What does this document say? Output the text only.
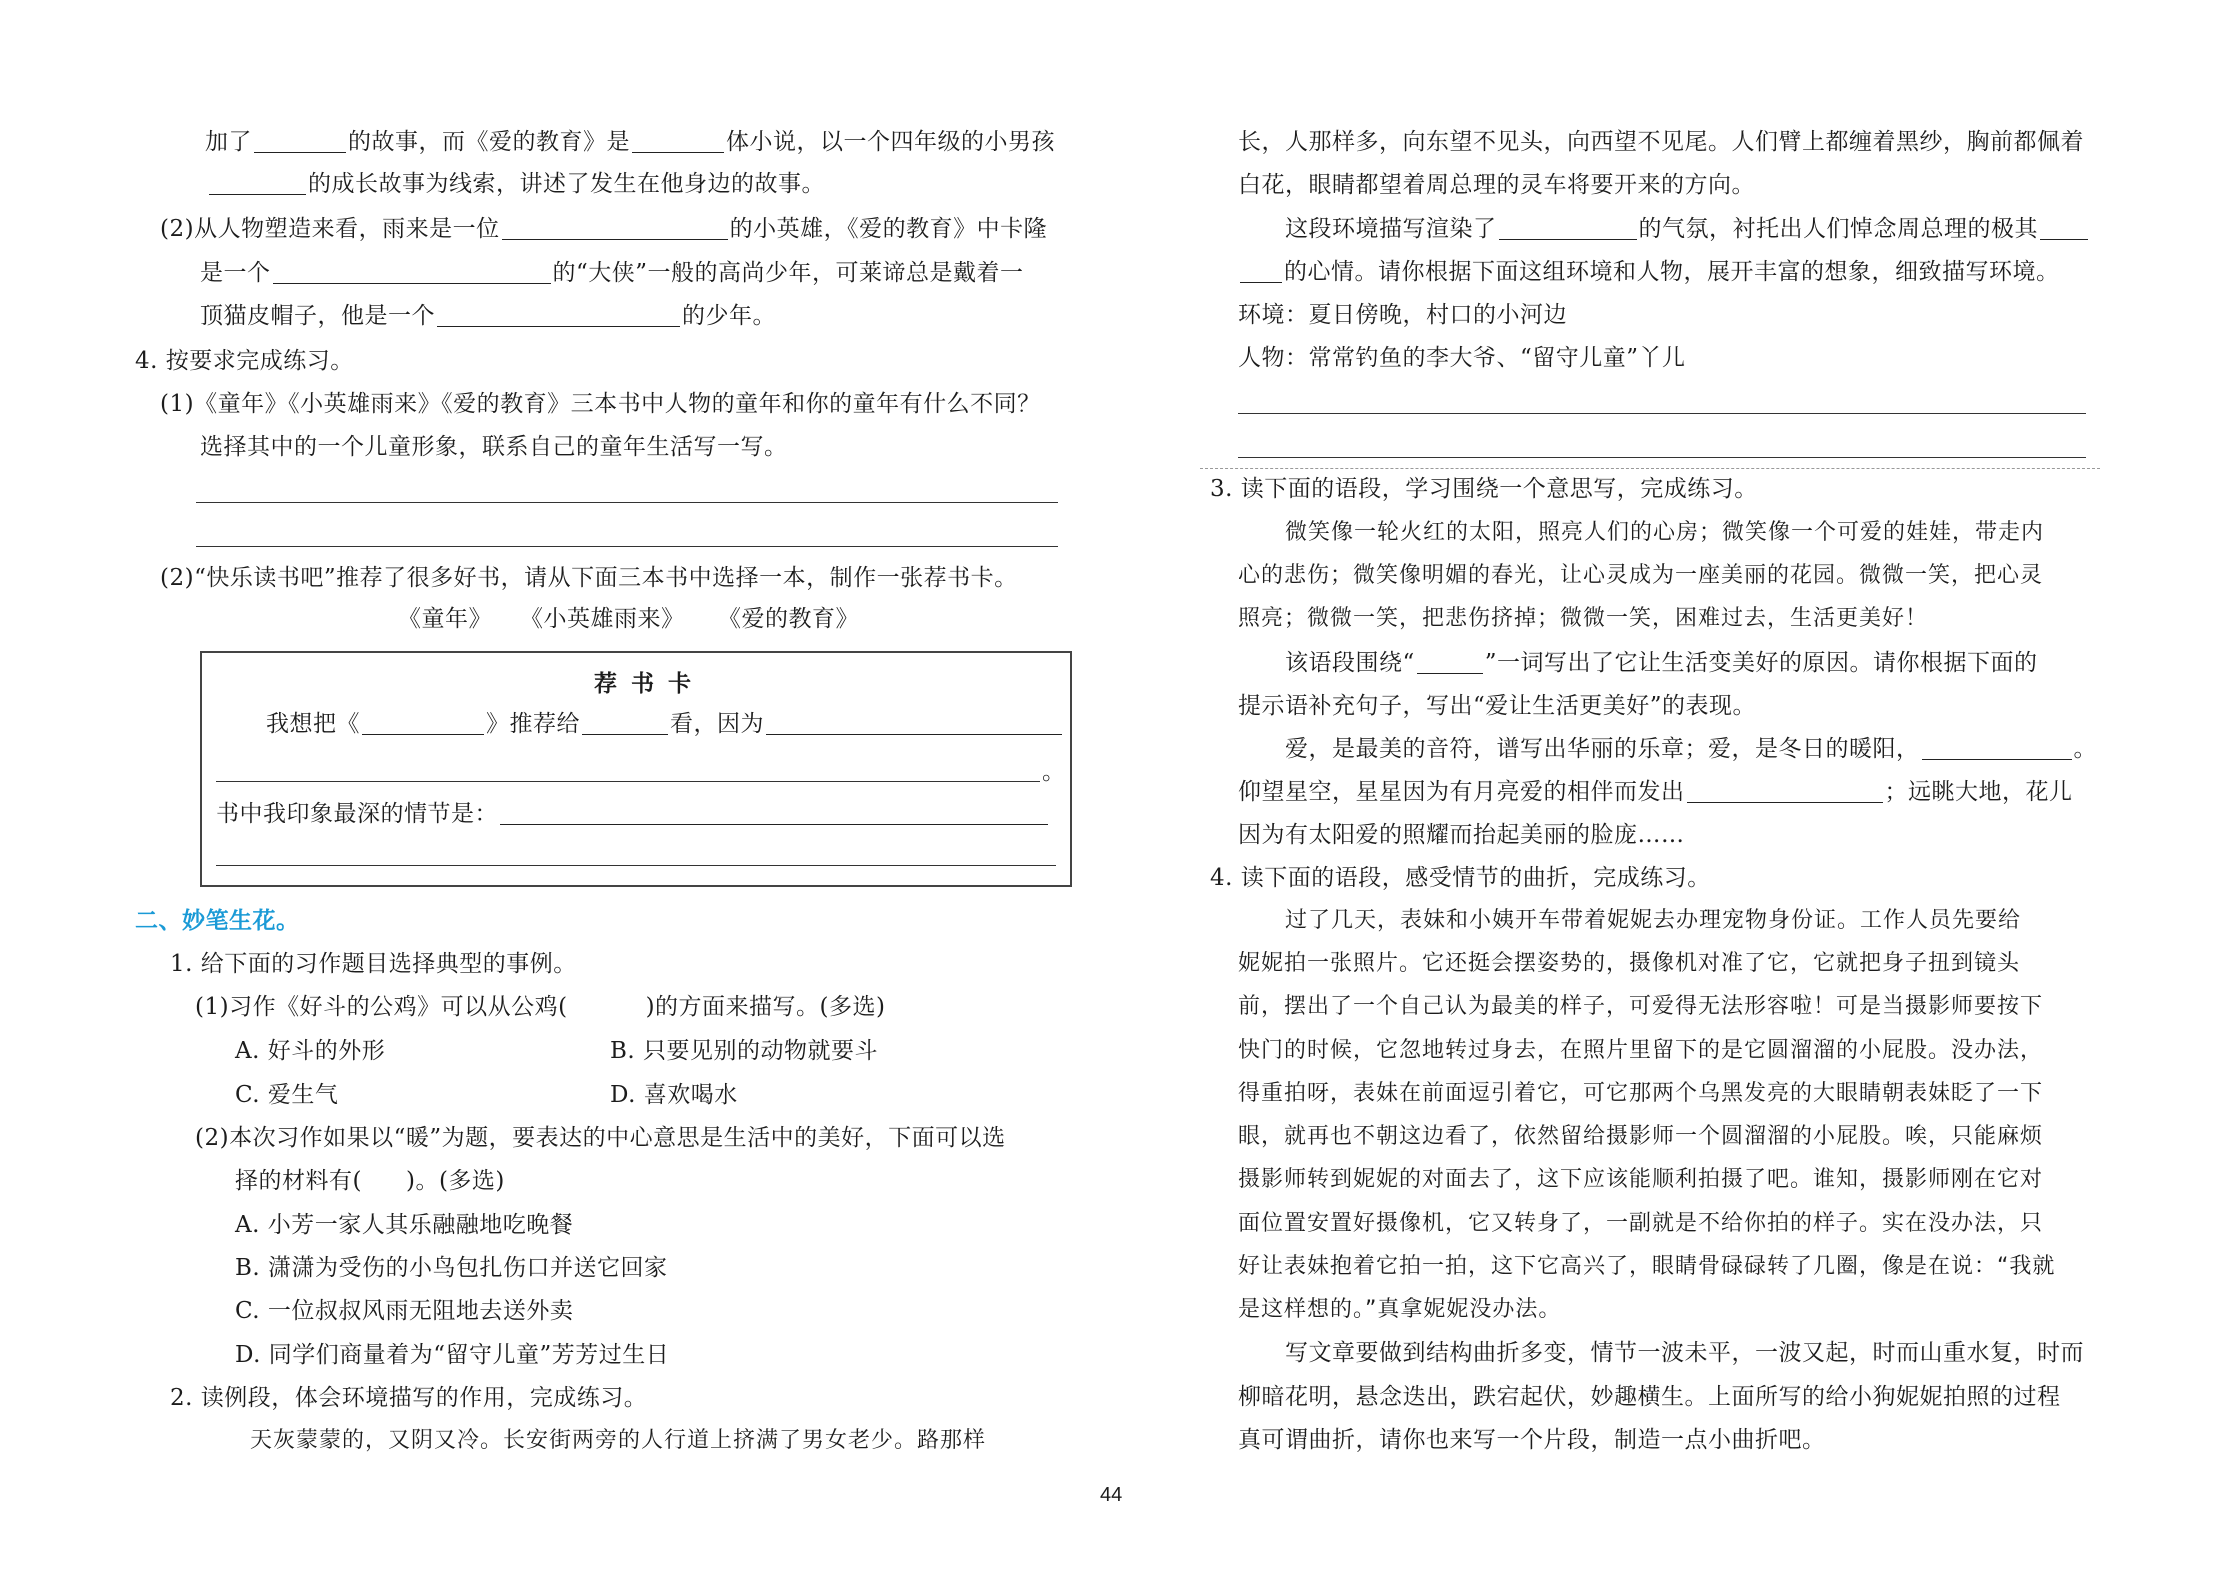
加了	的故事，而《爱的教育》是	体小说，以一个四年级的小男孩
的成长故事为线索，讲述了发生在他身边的故事。
(2)从人物塑造来看，雨来是一位	的小英雄，《爱的教育》中卡隆
是一个	的“大侠”一般的高尚少年，可莱谛总是戴着一
顶猫皮帽子，他是一个	的少年。
4. 按要求完成练习。
(1)《童年》《小英雄雨来》《爱的教育》三本书中人物的童年和你的童年有什么不同？
选择其中的一个儿童形象，联系自己的童年生活写一写。
(2)“快乐读书吧”推荐了很多好书，请从下面三本书中选择一本，制作一张荐书卡。
《童年》 《小英雄雨来》 《爱的教育》
荐 书 卡
我想把《	》推荐给	看，因为
。
书中我印象最深的情节是：
二、妙笔生花。
1. 给下面的习作题目选择典型的事例。
(1)习作《好斗的公鸡》可以从公鸡(	)的方面来描写。(多选)
A. 好斗的外形	B. 只要见别的动物就要斗
C. 爱生气	D. 喜欢喝水
(2)本次习作如果以“暖”为题，要表达的中心意思是生活中的美好，下面可以选
择的材料有( )。(多选)
A. 小芳一家人其乐融融地吃晚餐
B. 潇潇为受伤的小鸟包扎伤口并送它回家
C. 一位叔叔风雨无阻地去送外卖
D. 同学们商量着为“留守儿童”芳芳过生日
2. 读例段，体会环境描写的作用，完成练习。
天灰蒙蒙的，又阴又冷。长安街两旁的人行道上挤满了男女老少。路那样
长，人那样多，向东望不见头，向西望不见尾。人们臂上都缠着黑纱，胸前都佩着
白花，眼睛都望着周总理的灵车将要开来的方向。
这段环境描写渲染了	的气氛，衬托出人们悼念周总理的极其
的心情。请你根据下面这组环境和人物，展开丰富的想象，细致描写环境。
环境：夏日傍晚，村口的小河边
人物：常常钓鱼的李大爷、“留守儿童”丫儿
3. 读下面的语段，学习围绕一个意思写，完成练习。
微笑像一轮火红的太阳，照亮人们的心房；微笑像一个可爱的娃娃，带走内
心的悲伤；微笑像明媚的春光，让心灵成为一座美丽的花园。微微一笑，把心灵
照亮；微微一笑，把悲伤挤掉；微微一笑，困难过去，生活更美好！
该语段围绕“	”一词写出了它让生活变美好的原因。请你根据下面的
提示语补充句子，写出“爱让生活更美好”的表现。
爱，是最美的音符，谱写出华丽的乐章；爱，是冬日的暖阳，	。
仰望星空，星星因为有月亮爱的相伴而发出	；远眺大地，花儿
因为有太阳爱的照耀而抬起美丽的脸庞……
4. 读下面的语段，感受情节的曲折，完成练习。
过了几天，表妹和小姨开车带着妮妮去办理宠物身份证。工作人员先要给
妮妮拍一张照片。它还挺会摆姿势的，摄像机对准了它，它就把身子扭到镜头
前，摆出了一个自己认为最美的样子，可爱得无法形容啦！可是当摄影师要按下
快门的时候，它忽地转过身去，在照片里留下的是它圆溜溜的小屁股。没办法，
得重拍呀，表妹在前面逗引着它，可它那两个乌黑发亮的大眼睛朝表妹眨了一下
眼，就再也不朝这边看了，依然留给摄影师一个圆溜溜的小屁股。唉，只能麻烦
摄影师转到妮妮的对面去了，这下应该能顺利拍摄了吧。谁知，摄影师刚在它对
面位置安置好摄像机，它又转身了，一副就是不给你拍的样子。实在没办法，只
好让表妹抱着它拍一拍，这下它高兴了，眼睛骨碌碌转了几圈，像是在说：“我就
是这样想的。”真拿妮妮没办法。
写文章要做到结构曲折多变，情节一波未平，一波又起，时而山重水复，时而
柳暗花明，悬念迭出，跌宕起伏，妙趣横生。上面所写的给小狗妮妮拍照的过程
真可谓曲折，请你也来写一个片段，制造一点小曲折吧。
44
